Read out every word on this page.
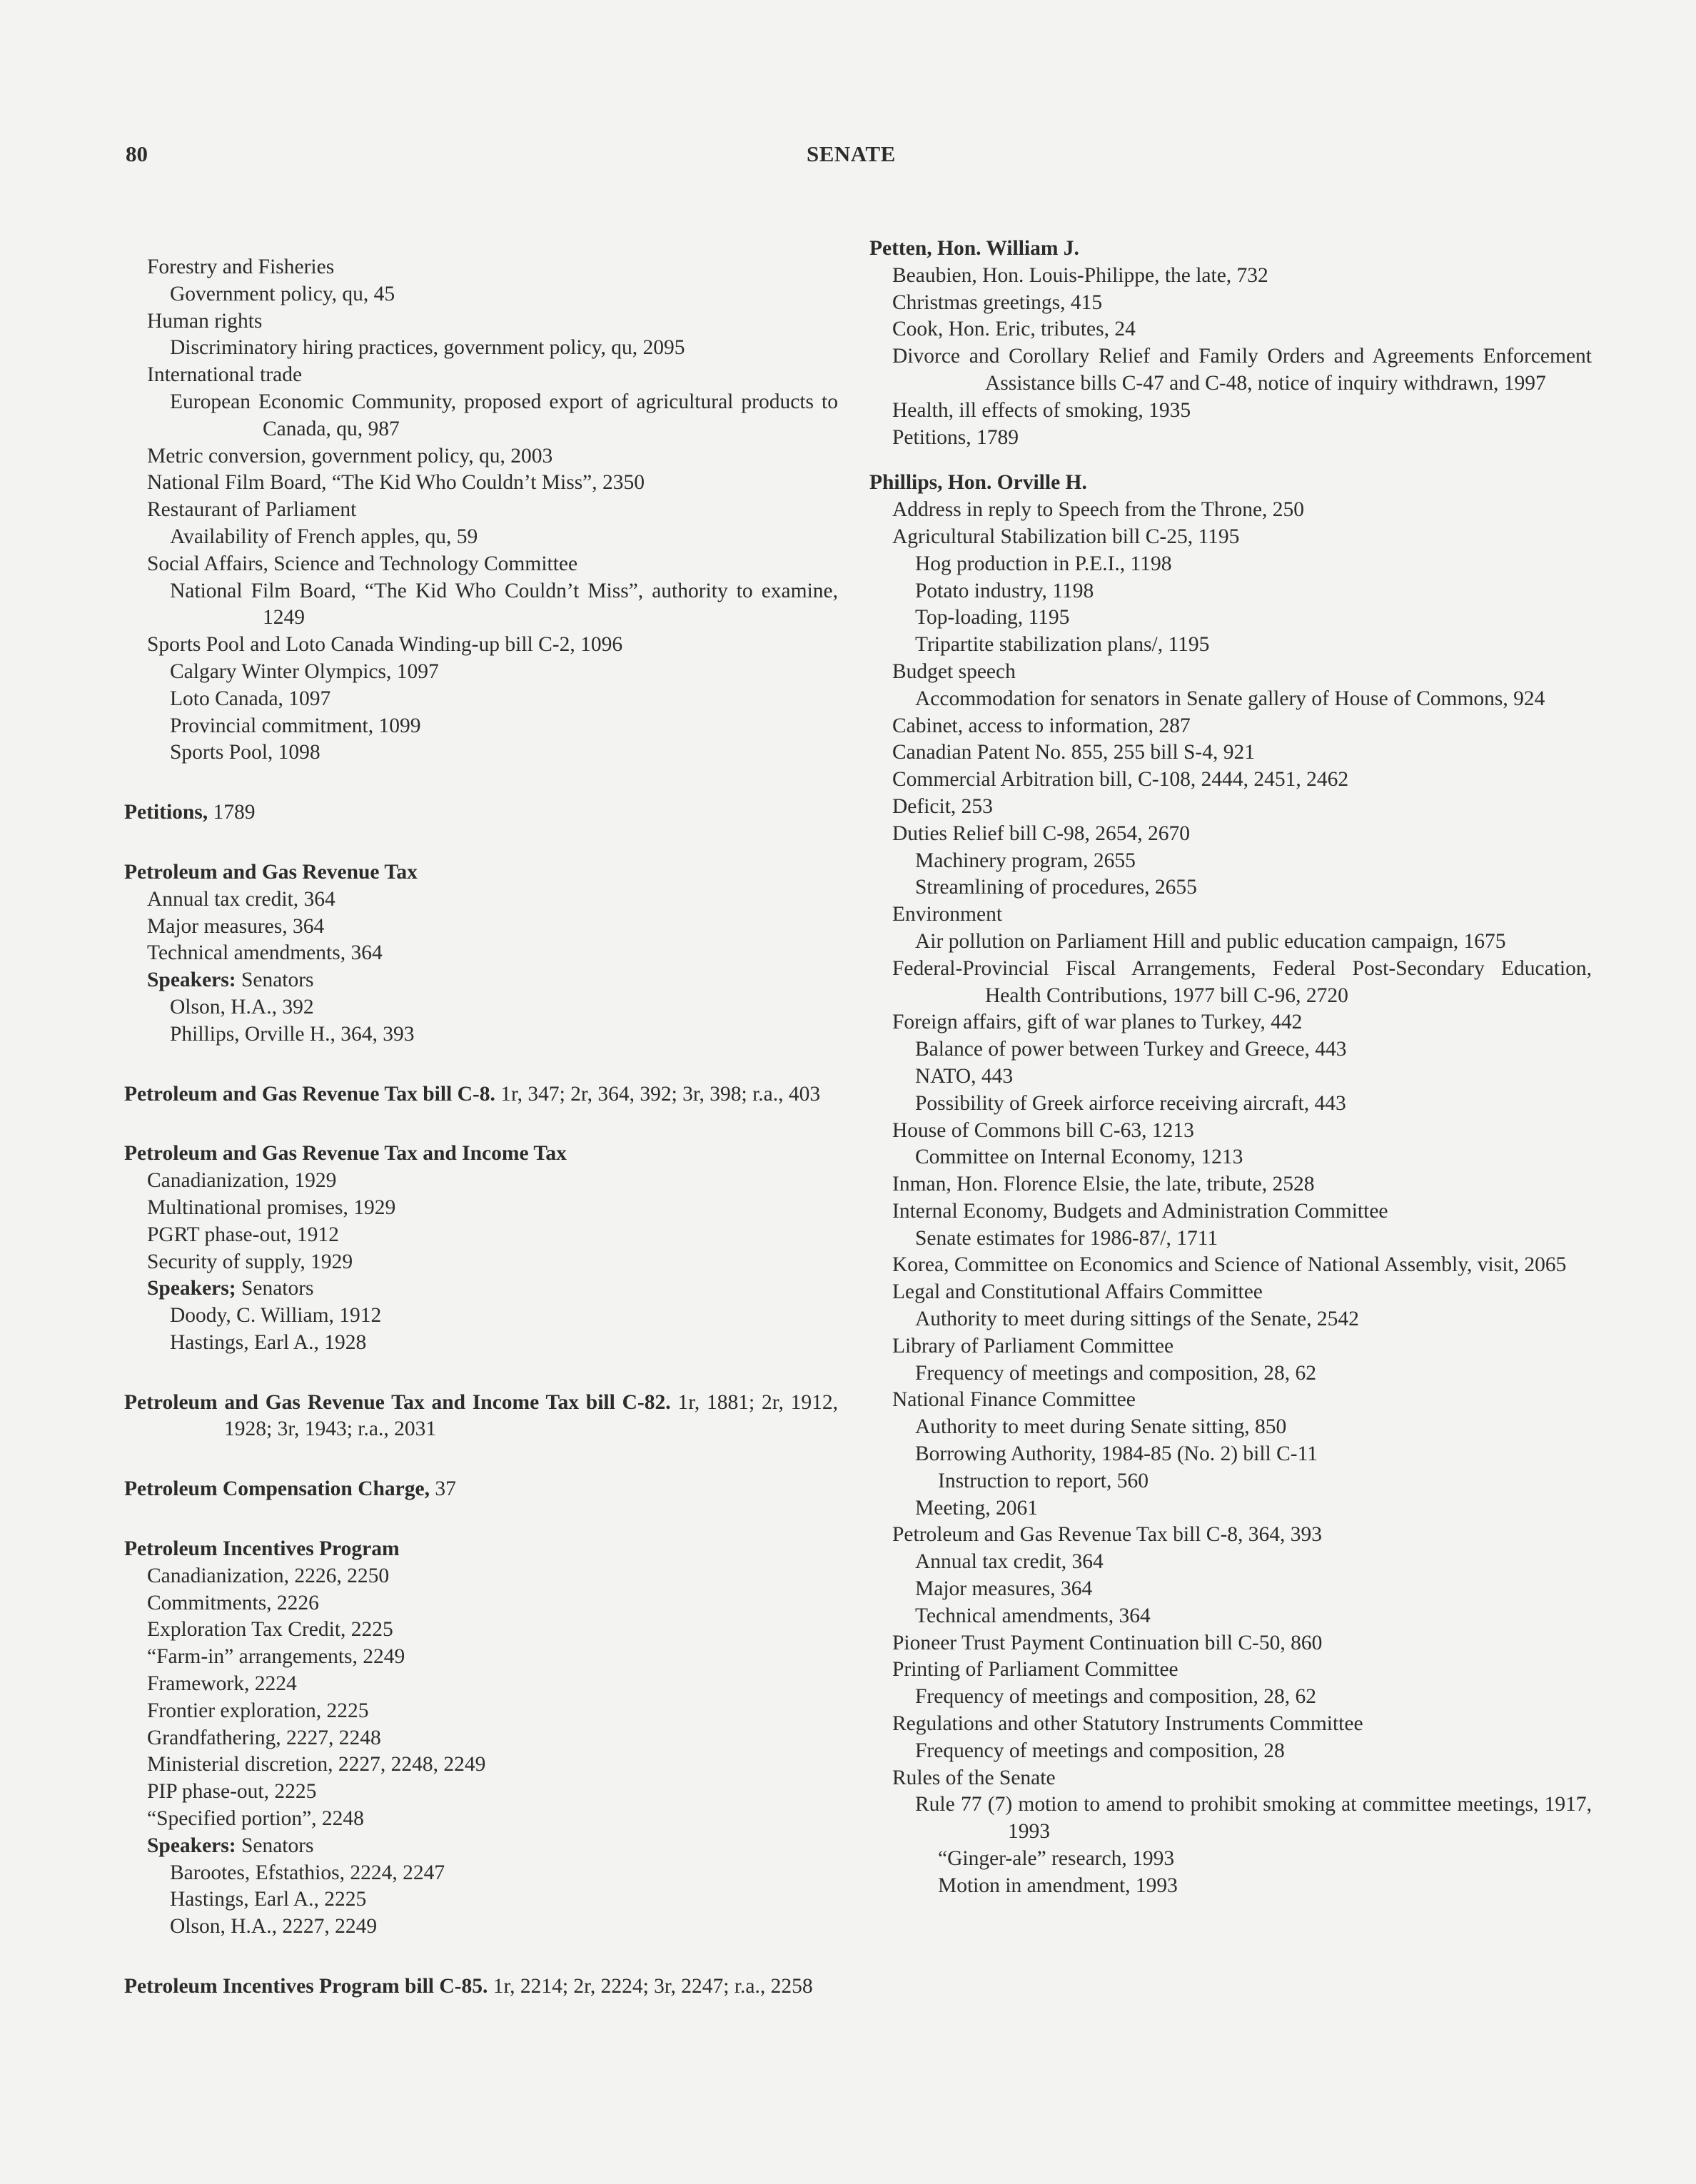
80	SENATE
Forestry and Fisheries
Government policy, qu, 45
Human rights
Discriminatory hiring practices, government policy, qu, 2095
International trade
European Economic Community, proposed export of agricultural products to Canada, qu, 987
Metric conversion, government policy, qu, 2003
National Film Board, “The Kid Who Couldn’t Miss”, 2350
Restaurant of Parliament
Availability of French apples, qu, 59
Social Affairs, Science and Technology Committee
National Film Board, “The Kid Who Couldn’t Miss”, authority to examine, 1249
Sports Pool and Loto Canada Winding-up bill C-2, 1096
Calgary Winter Olympics, 1097
Loto Canada, 1097
Provincial commitment, 1099
Sports Pool, 1098
Petitions, 1789
Petroleum and Gas Revenue Tax
Annual tax credit, 364
Major measures, 364
Technical amendments, 364
Speakers: Senators
Olson, H.A., 392
Phillips, Orville H., 364, 393
Petroleum and Gas Revenue Tax bill C-8. 1r, 347; 2r, 364, 392; 3r, 398; r.a., 403
Petroleum and Gas Revenue Tax and Income Tax
Canadianization, 1929
Multinational promises, 1929
PGRT phase-out, 1912
Security of supply, 1929
Speakers; Senators
Doody, C. William, 1912
Hastings, Earl A., 1928
Petroleum and Gas Revenue Tax and Income Tax bill C-82. 1r, 1881; 2r, 1912, 1928; 3r, 1943; r.a., 2031
Petroleum Compensation Charge, 37
Petroleum Incentives Program
Canadianization, 2226, 2250
Commitments, 2226
Exploration Tax Credit, 2225
“Farm-in” arrangements, 2249
Framework, 2224
Frontier exploration, 2225
Grandfathering, 2227, 2248
Ministerial discretion, 2227, 2248, 2249
PIP phase-out, 2225
“Specified portion”, 2248
Speakers: Senators
Barootes, Efstathios, 2224, 2247
Hastings, Earl A., 2225
Olson, H.A., 2227, 2249
Petroleum Incentives Program bill C-85. 1r, 2214; 2r, 2224; 3r, 2247; r.a., 2258
Petten, Hon. William J.
Beaubien, Hon. Louis-Philippe, the late, 732
Christmas greetings, 415
Cook, Hon. Eric, tributes, 24
Divorce and Corollary Relief and Family Orders and Agreements Enforcement Assistance bills C-47 and C-48, notice of inquiry withdrawn, 1997
Health, ill effects of smoking, 1935
Petitions, 1789
Phillips, Hon. Orville H.
Address in reply to Speech from the Throne, 250
Agricultural Stabilization bill C-25, 1195
Hog production in P.E.I., 1198
Potato industry, 1198
Top-loading, 1195
Tripartite stabilization plans/, 1195
Budget speech
Accommodation for senators in Senate gallery of House of Commons, 924
Cabinet, access to information, 287
Canadian Patent No. 855, 255 bill S-4, 921
Commercial Arbitration bill, C-108, 2444, 2451, 2462
Deficit, 253
Duties Relief bill C-98, 2654, 2670
Machinery program, 2655
Streamlining of procedures, 2655
Environment
Air pollution on Parliament Hill and public education campaign, 1675
Federal-Provincial Fiscal Arrangements, Federal Post-Secondary Education, Health Contributions, 1977 bill C-96, 2720
Foreign affairs, gift of war planes to Turkey, 442
Balance of power between Turkey and Greece, 443
NATO, 443
Possibility of Greek airforce receiving aircraft, 443
House of Commons bill C-63, 1213
Committee on Internal Economy, 1213
Inman, Hon. Florence Elsie, the late, tribute, 2528
Internal Economy, Budgets and Administration Committee
Senate estimates for 1986-87/, 1711
Korea, Committee on Economics and Science of National Assembly, visit, 2065
Legal and Constitutional Affairs Committee
Authority to meet during sittings of the Senate, 2542
Library of Parliament Committee
Frequency of meetings and composition, 28, 62
National Finance Committee
Authority to meet during Senate sitting, 850
Borrowing Authority, 1984-85 (No. 2) bill C-11
Instruction to report, 560
Meeting, 2061
Petroleum and Gas Revenue Tax bill C-8, 364, 393
Annual tax credit, 364
Major measures, 364
Technical amendments, 364
Pioneer Trust Payment Continuation bill C-50, 860
Printing of Parliament Committee
Frequency of meetings and composition, 28, 62
Regulations and other Statutory Instruments Committee
Frequency of meetings and composition, 28
Rules of the Senate
Rule 77 (7) motion to amend to prohibit smoking at committee meetings, 1917, 1993
“Ginger-ale” research, 1993
Motion in amendment, 1993
